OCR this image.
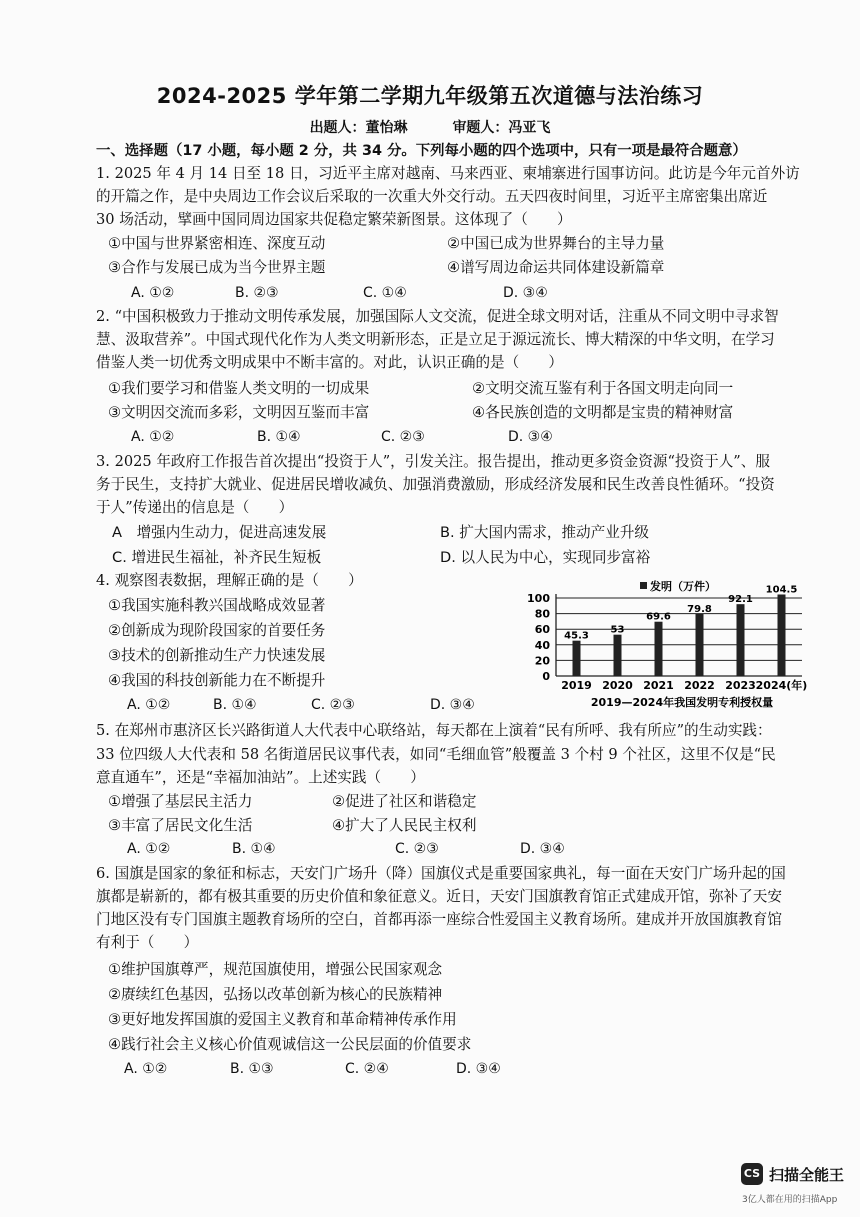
2024-2025 学年第二学期九年级第五次道德与法治练习
出题人：董怡琳	审题人：冯亚飞
一、选择题（17 小题，每小题 2 分，共 34 分。下列每小题的四个选项中，只有一项是最符合题意）
1. 2025 年 4 月 14 日至 18 日，习近平主席对越南、马来西亚、柬埔寨进行国事访问。此访是今年元首外访
的开篇之作，是中央周边工作会议后采取的一次重大外交行动。五天四夜时间里，习近平主席密集出席近
30 场活动，擘画中国同周边国家共促稳定繁荣新图景。这体现了（　　）
①中国与世界紧密相连、深度互动	②中国已成为世界舞台的主导力量
③合作与发展已成为当今世界主题	④谱写周边命运共同体建设新篇章
A. ①②	B. ②③	C. ①④	D. ③④
2. “中国积极致力于推动文明传承发展，加强国际人文交流，促进全球文明对话，注重从不同文明中寻求智
慧、汲取营养”。中国式现代化作为人类文明新形态，正是立足于源远流长、博大精深的中华文明，在学习
借鉴人类一切优秀文明成果中不断丰富的。对此，认识正确的是（　　）
①我们要学习和借鉴人类文明的一切成果	②文明交流互鉴有利于各国文明走向同一
③文明因交流而多彩，文明因互鉴而丰富	④各民族创造的文明都是宝贵的精神财富
A. ①②	B. ①④	C. ②③	D. ③④
3. 2025 年政府工作报告首次提出“投资于人”，引发关注。报告提出，推动更多资金资源“投资于人”、服
务于民生，支持扩大就业、促进居民增收减负、加强消费激励，形成经济发展和民生改善良性循环。“投资
于人”传递出的信息是（　　）
A　增强内生动力，促进高速发展	B. 扩大国内需求，推动产业升级
C. 增进民生福祉，补齐民生短板	D. 以人民为中心，实现同步富裕
4. 观察图表数据，理解正确的是（　　）
①我国实施科教兴国战略成效显著
②创新成为现阶段国家的首要任务
③技术的创新推动生产力快速发展
④我国的科技创新能力在不断提升
A. ①②	B. ①④	C. ②③	D. ③④
0
20
40
60
80
100
发明（万件）
45.3
2019
53
2020
69.6
2021
79.8
2022
92.1
2023
104.5
2024(年)
2019—2024年我国发明专利授权量
5. 在郑州市惠济区长兴路街道人大代表中心联络站，每天都在上演着“民有所呼、我有所应”的生动实践：
33 位四级人大代表和 58 名街道居民议事代表，如同“毛细血管”般覆盖 3 个村 9 个社区，这里不仅是“民
意直通车”，还是“幸福加油站”。上述实践（　　）
①增强了基层民主活力	②促进了社区和谐稳定
③丰富了居民文化生活	④扩大了人民民主权利
A. ①②	B. ①④	C. ②③	D. ③④
6. 国旗是国家的象征和标志，天安门广场升（降）国旗仪式是重要国家典礼，每一面在天安门广场升起的国
旗都是崭新的，都有极其重要的历史价值和象征意义。近日，天安门国旗教育馆正式建成开馆，弥补了天安
门地区没有专门国旗主题教育场所的空白，首都再添一座综合性爱国主义教育场所。建成并开放国旗教育馆
有利于（　　）
①维护国旗尊严，规范国旗使用，增强公民国家观念
②赓续红色基因，弘扬以改革创新为核心的民族精神
③更好地发挥国旗的爱国主义教育和革命精神传承作用
④践行社会主义核心价值观诚信这一公民层面的价值要求
A. ①②	B. ①③	C. ②④	D. ③④
CS 扫描全能王
3亿人都在用的扫描App
